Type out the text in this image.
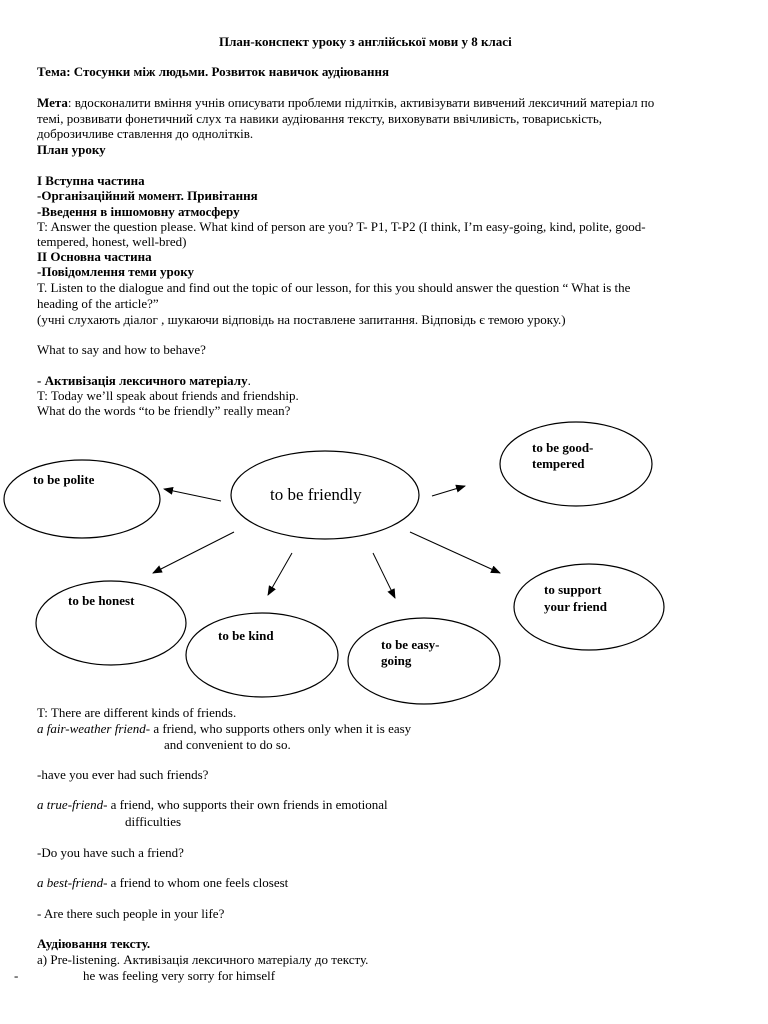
План-конспект уроку з англійської мови у 8 класі
Тема: Стосунки між людьми. Розвиток навичок аудіювання
Мета: вдосконалити вміння учнів описувати проблеми підлітків, активізувати вивчений лексичний матеріал по
темі, розвивати фонетичний слух та навики аудіювання тексту, виховувати ввічливість, товариськість,
доброзичливе ставлення до однолітків.
План уроку
І Вступна частина
-Організаційний момент. Привітання
-Введення в іншомовну атмосферу
T: Answer the question please. What kind of person are you? T- P1, T-P2 (I think, I’m easy-going, kind, polite, good-
tempered, honest, well-bred)
ІІ Основна частина
-Повідомлення теми уроку
T. Listen to the dialogue and find out the topic of our lesson, for this you should answer the question “ What is the
heading of the article?”
(учні слухають діалог , шукаючи відповідь на поставлене запитання. Відповідь є темою уроку.)
What to say and how to behave?
- Активізація лексичного матеріалу.
T: Today we’ll speak about friends and friendship.
What do the words “to be friendly” really mean?
to be friendly
to be polite
to be good-
tempered
to be honest
to be kind
to be easy-
going
to support
your friend
T: There are different kinds of friends.
a fair-weather friend- a friend, who supports others only when it is easy
and convenient to do so.
-have you ever had such friends?
a true-friend- a friend, who supports their own friends in emotional
difficulties
-Do you have such a friend?
a best-friend- a friend to whom one feels closest
- Are there such people in your life?
Аудіювання тексту.
a) Pre-listening. Активізація лексичного матеріалу до тексту.
-	he was feeling very sorry for himself
